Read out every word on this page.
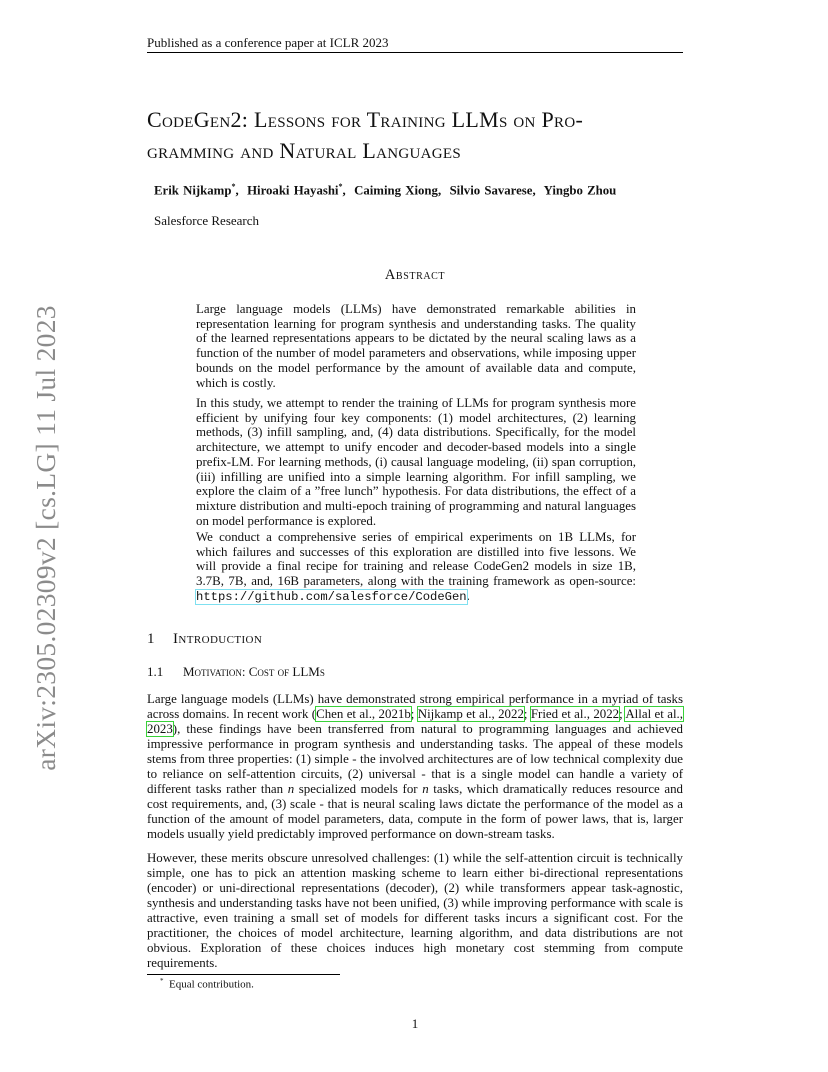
Published as a conference paper at ICLR 2023
arXiv:2305.02309v2 [cs.LG] 11 Jul 2023
CodeGen2: Lessons for Training LLMs on Pro-
gramming and Natural Languages
Erik Nijkamp*,  Hiroaki Hayashi*,  Caiming Xiong,  Silvio Savarese,  Yingbo Zhou
Salesforce Research
Abstract
Large language models (LLMs) have demonstrated remarkable abilities in representation learning for program synthesis and understanding tasks. The quality of the learned representations appears to be dictated by the neural scaling laws as a function of the number of model parameters and observations, while imposing upper bounds on the model performance by the amount of available data and compute, which is costly.
In this study, we attempt to render the training of LLMs for program synthesis more efficient by unifying four key components: (1) model architectures, (2) learning methods, (3) infill sampling, and, (4) data distributions. Specifically, for the model architecture, we attempt to unify encoder and decoder-based models into a single prefix-LM. For learning methods, (i) causal language modeling, (ii) span corruption, (iii) infilling are unified into a simple learning algorithm. For infill sampling, we explore the claim of a ”free lunch” hypothesis. For data distributions, the effect of a mixture distribution and multi-epoch training of programming and natural languages on model performance is explored.
We conduct a comprehensive series of empirical experiments on 1B LLMs, for which failures and successes of this exploration are distilled into five lessons. We will provide a final recipe for training and release CodeGen2 models in size 1B, 3.7B, 7B, and, 16B parameters, along with the training framework as open-source: https://github.com/salesforce/CodeGen.
1 Introduction
1.1 Motivation: Cost of LLMs
Large language models (LLMs) have demonstrated strong empirical performance in a myriad of tasks across domains. In recent work (Chen et al., 2021b; Nijkamp et al., 2022; Fried et al., 2022; Allal et al., 2023), these findings have been transferred from natural to programming languages and achieved impressive performance in program synthesis and understanding tasks. The appeal of these models stems from three properties: (1) simple - the involved architectures are of low technical complexity due to reliance on self-attention circuits, (2) universal - that is a single model can handle a variety of different tasks rather than n specialized models for n tasks, which dramatically reduces resource and cost requirements, and, (3) scale - that is neural scaling laws dictate the performance of the model as a function of the amount of model parameters, data, compute in the form of power laws, that is, larger models usually yield predictably improved performance on down-stream tasks.
However, these merits obscure unresolved challenges: (1) while the self-attention circuit is technically simple, one has to pick an attention masking scheme to learn either bi-directional representations (encoder) or uni-directional representations (decoder), (2) while transformers appear task-agnostic, synthesis and understanding tasks have not been unified, (3) while improving performance with scale is attractive, even training a small set of models for different tasks incurs a significant cost. For the practitioner, the choices of model architecture, learning algorithm, and data distributions are not obvious. Exploration of these choices induces high monetary cost stemming from compute requirements.
* Equal contribution.
1
